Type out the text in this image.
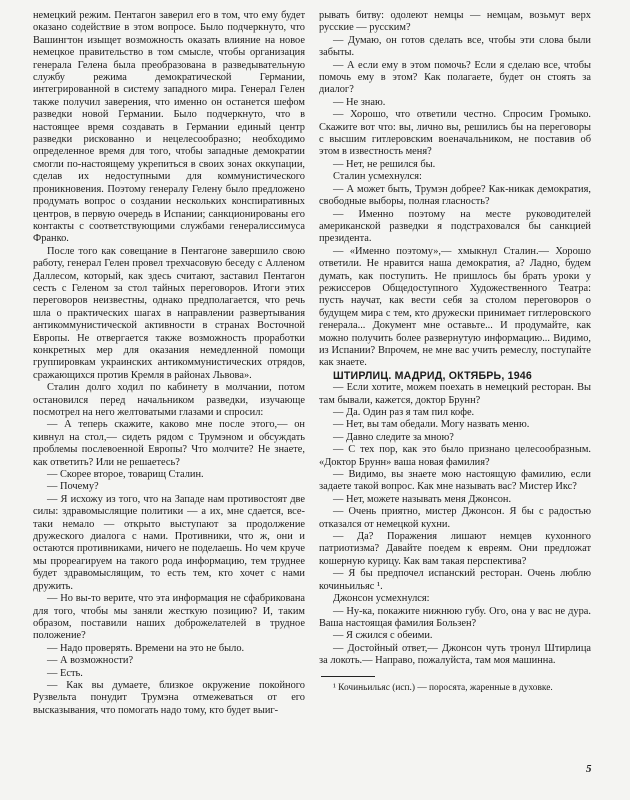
немецкий режим. Пентагон заверил его в том, что ему будет оказано содействие в этом вопросе. Было подчеркнуто, что Вашингтон изыщет возможность оказать влияние на новое немецкое правительство в том смысле, чтобы организация генерала Гелена была преобразована в разведывательную службу режима демократической Германии, интегрированной в систему западного мира. Генерал Гелен также получил заверения, что именно он останется шефом разведки новой Германии. Было подчеркнуто, что в настоящее время создавать в Германии единый центр разведки рискованно и нецелесообразно; необходимо определенное время для того, чтобы западные демократии смогли по-настоящему укрепиться в своих зонах оккупации, сделав их недоступными для коммунистического проникновения. Поэтому генералу Гелену было предложено продумать вопрос о создании нескольких конспиративных центров, в первую очередь в Испании; санкционированы его контакты с соответствующими службами генералиссимуса Франко.

После того как совещание в Пентагоне завершило свою работу, генерал Гелен провел трехчасовую беседу с Алленом Даллесом, который, как здесь считают, заставил Пентагон сесть с Геленом за стол тайных переговоров. Итоги этих переговоров неизвестны, однако предполагается, что речь шла о практических шагах в направлении развертывания антикоммунистической активности в странах Восточной Европы. Не отвергается также возможность проработки конкретных мер для оказания немедленной помощи группировкам украинских антикоммунистических отрядов, сражающихся против Кремля в районах Львова».

Сталин долго ходил по кабинету в молчании, потом остановился перед начальником разведки, изучающе посмотрел на него желтоватыми глазами и спросил:

— А теперь скажите, каково мне после этого,— он кивнул на стол,— сидеть рядом с Трумэном и обсуждать проблемы послевоенной Европы? Что молчите? Не знаете, как ответить? Или не решаетесь?

— Скорее второе, товарищ Сталин.

— Почему?

— Я исхожу из того, что на Западе нам противостоят две силы: здравомыслящие политики — а их, мне сдается, все-таки немало — открыто выступают за продолжение дружеского диалога с нами. Противники, что ж, они и остаются противниками, ничего не поделаешь. Но чем круче мы прореагируем на такого рода информацию, тем труднее будет здравомыслящим, то есть тем, кто хочет с нами дружить.

— Но вы-то верите, что эта информация не сфабрикована для того, чтобы мы заняли жесткую позицию? И, таким образом, поставили наших доброжелателей в трудное положение?

— Надо проверять. Времени на это не было.

— А возможности?

— Есть.

— Как вы думаете, близкое окружение покойного Рузвельта понудит Трумэна отмежеваться от его высказывания, что помогать надо тому, кто будет выиг-

рывать битву: одолеют немцы — немцам, возьмут верх русские — русским?

— Думаю, он готов сделать все, чтобы эти слова были забыты.

— А если ему в этом помочь? Если я сделаю все, чтобы помочь ему в этом? Как полагаете, будет он стоять за диалог?

— Не знаю.

— Хорошо, что ответили честно. Спросим Громыко. Скажите вот что: вы, лично вы, решились бы на переговоры с высшим гитлеровским военачальником, не поставив об этом в известность меня?

— Нет, не решился бы.

Сталин усмехнулся:

— А может быть, Трумэн добрее? Как-никак демократия, свободные выборы, полная гласность?

— Именно поэтому на месте руководителей американской разведки я подстраховался бы санкцией президента.

— «Именно поэтому»,— хмыкнул Сталин.— Хорошо ответили. Не нравится наша демократия, а? Ладно, будем думать, как поступить. Не пришлось бы брать уроки у режиссеров Общедоступного Художественного Театра: пусть научат, как вести себя за столом переговоров о будущем мира с тем, кто дружески принимает гитлеровского генерала... Документ мне оставьте... И продумайте, как можно получить более развернутую информацию... Видимо, из Испании? Впрочем, не мне вас учить ремеслу, поступайте как знаете.

ШТИРЛИЦ. МАДРИД, ОКТЯБРЬ, 1946

— Если хотите, можем поехать в немецкий ресторан. Вы там бывали, кажется, доктор Брунн?

— Да. Один раз я там пил кофе.

— Нет, вы там обедали. Могу назвать меню.

— Давно следите за мною?

— С тех пор, как это было признано целесообразным. «Доктор Брунн» ваша новая фамилия?

— Видимо, вы знаете мою настоящую фамилию, если задаете такой вопрос. Как мне называть вас? Мистер Икс?

— Нет, можете называть меня Джонсон.

— Очень приятно, мистер Джонсон. Я бы с радостью отказался от немецкой кухни.

— Да? Поражения лишают немцев кухонного патриотизма? Давайте поедем к евреям. Они предложат кошерную курицу. Как вам такая перспектива?

— Я бы предпочел испанский ресторан. Очень люблю кочиньильяс ¹.

Джонсон усмехнулся:

— Ну-ка, покажите нижнюю губу. Ого, она у вас не дура. Ваша настоящая фамилия Бользен?

— Я сжился с обеими.

— Достойный ответ,— Джонсон чуть тронул Штирлица за локоть.— Направо, пожалуйста, там моя машинна.

¹ Кочиньильяс (исп.) — поросята, жаренные в духовке.

5
